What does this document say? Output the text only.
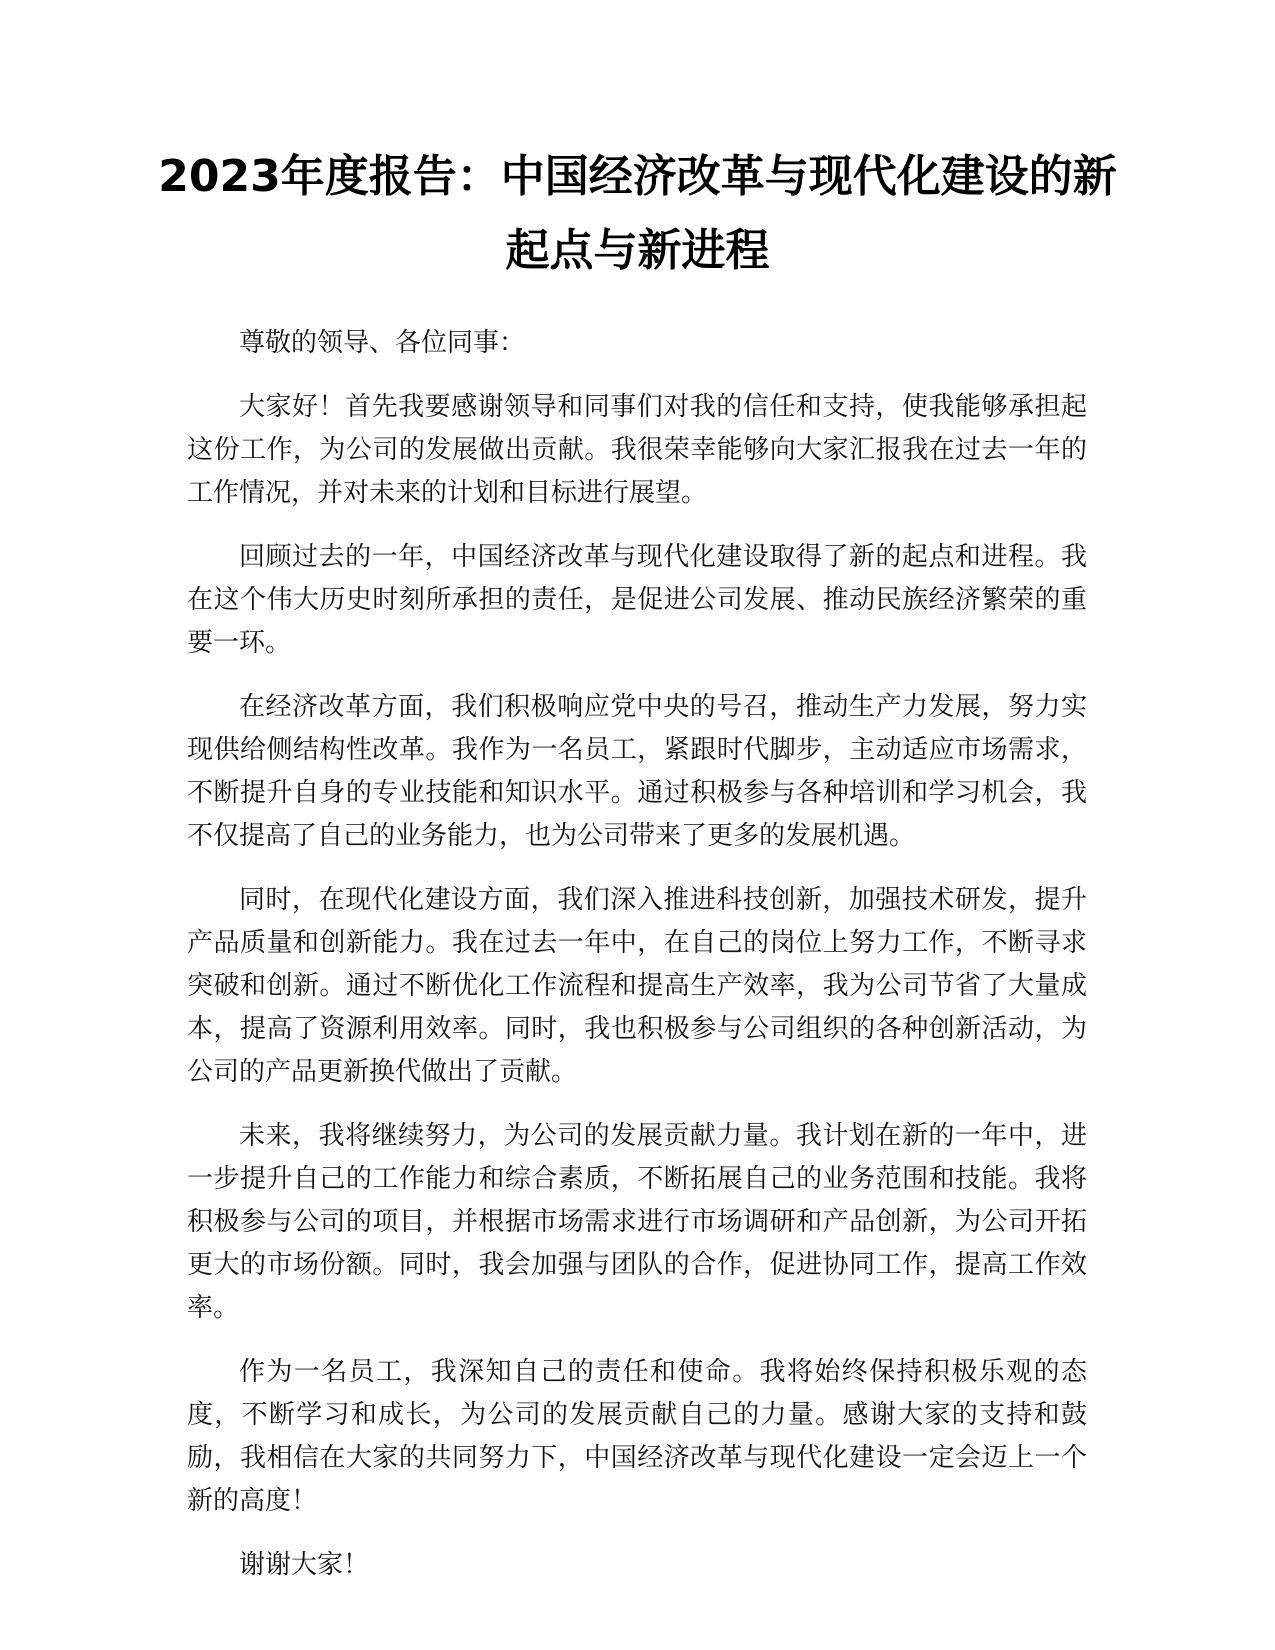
2023年度报告：中国经济改革与现代化建设的新起点与新进程

尊敬的领导、各位同事：

大家好！首先我要感谢领导和同事们对我的信任和支持，使我能够承担起这份工作，为公司的发展做出贡献。我很荣幸能够向大家汇报我在过去一年的工作情况，并对未来的计划和目标进行展望。

回顾过去的一年，中国经济改革与现代化建设取得了新的起点和进程。我在这个伟大历史时刻所承担的责任，是促进公司发展、推动民族经济繁荣的重要一环。

在经济改革方面，我们积极响应党中央的号召，推动生产力发展，努力实现供给侧结构性改革。我作为一名员工，紧跟时代脚步，主动适应市场需求，不断提升自身的专业技能和知识水平。通过积极参与各种培训和学习机会，我不仅提高了自己的业务能力，也为公司带来了更多的发展机遇。

同时，在现代化建设方面，我们深入推进科技创新，加强技术研发，提升产品质量和创新能力。我在过去一年中，在自己的岗位上努力工作，不断寻求突破和创新。通过不断优化工作流程和提高生产效率，我为公司节省了大量成本，提高了资源利用效率。同时，我也积极参与公司组织的各种创新活动，为公司的产品更新换代做出了贡献。

未来，我将继续努力，为公司的发展贡献力量。我计划在新的一年中，进一步提升自己的工作能力和综合素质，不断拓展自己的业务范围和技能。我将积极参与公司的项目，并根据市场需求进行市场调研和产品创新，为公司开拓更大的市场份额。同时，我会加强与团队的合作，促进协同工作，提高工作效率。

作为一名员工，我深知自己的责任和使命。我将始终保持积极乐观的态度，不断学习和成长，为公司的发展贡献自己的力量。感谢大家的支持和鼓励，我相信在大家的共同努力下，中国经济改革与现代化建设一定会迈上一个新的高度！

谢谢大家！
